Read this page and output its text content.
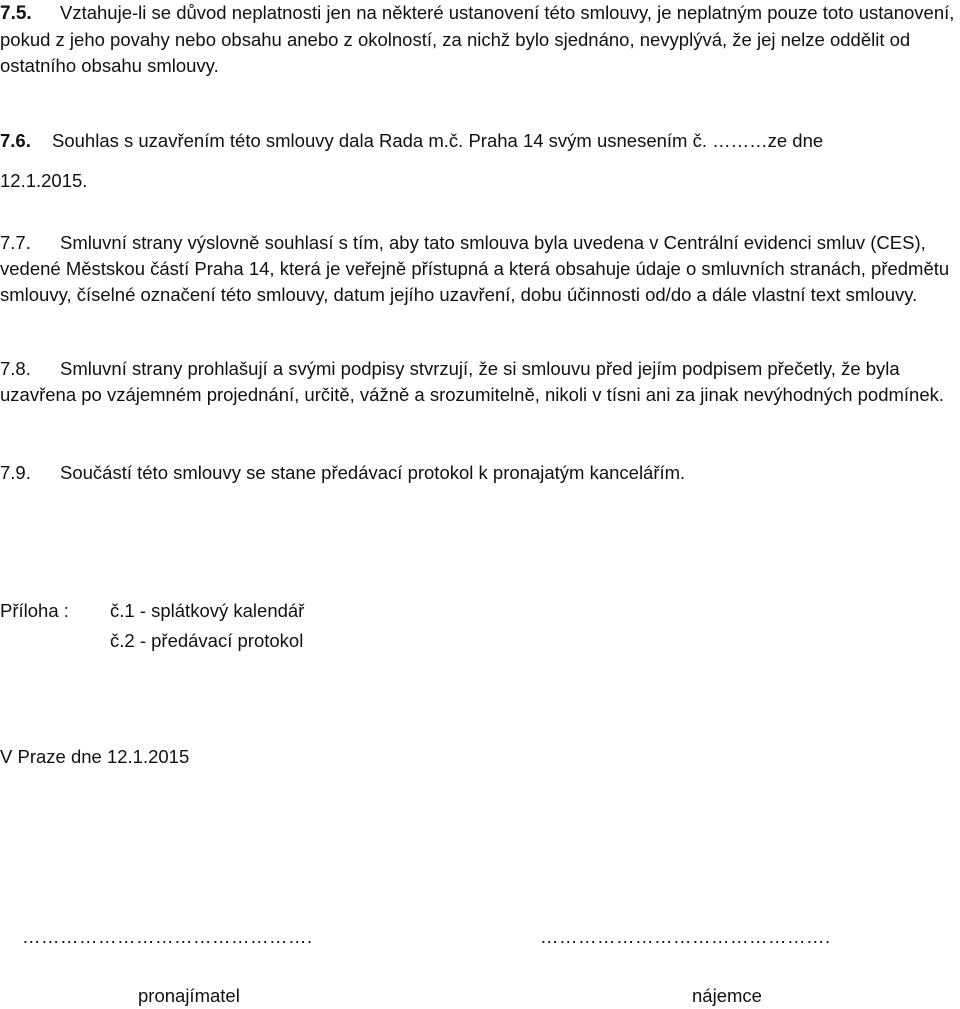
7.5. Vztahuje-li se důvod neplatnosti jen na některé ustanovení této smlouvy, je neplatným pouze toto ustanovení, pokud z jeho povahy nebo obsahu anebo z okolností, za nichž bylo sjednáno, nevyplývá, že jej nelze oddělit od ostatního obsahu smlouvy.
7.6. Souhlas s uzavřením této smlouvy dala Rada m.č. Praha 14 svým usnesením č. ………ze dne
12.1.2015.
7.7. Smluvní strany výslovně souhlasí s tím, aby tato smlouva byla uvedena v Centrální evidenci smluv (CES), vedené Městskou částí Praha 14, která je veřejně přístupná a která obsahuje údaje o smluvních stranách, předmětu smlouvy, číselné označení této smlouvy, datum jejího uzavření, dobu účinnosti od/do a dále vlastní text smlouvy.
7.8. Smluvní strany prohlašují a svými podpisy stvrzují, že si smlouvu před jejím podpisem přečetly, že byla uzavřena po vzájemném projednání, určitě, vážně a srozumitelně, nikoli v tísni ani za jinak nevýhodných podmínek.
7.9. Součástí této smlouvy se stane předávací protokol k pronajatým kancelářím.
Příloha :	č.1 - splátkový kalendář
č.2 - předávací protokol
V Praze dne 12.1.2015
……………………………………….	……………………………………….
pronajímatel	nájemce
